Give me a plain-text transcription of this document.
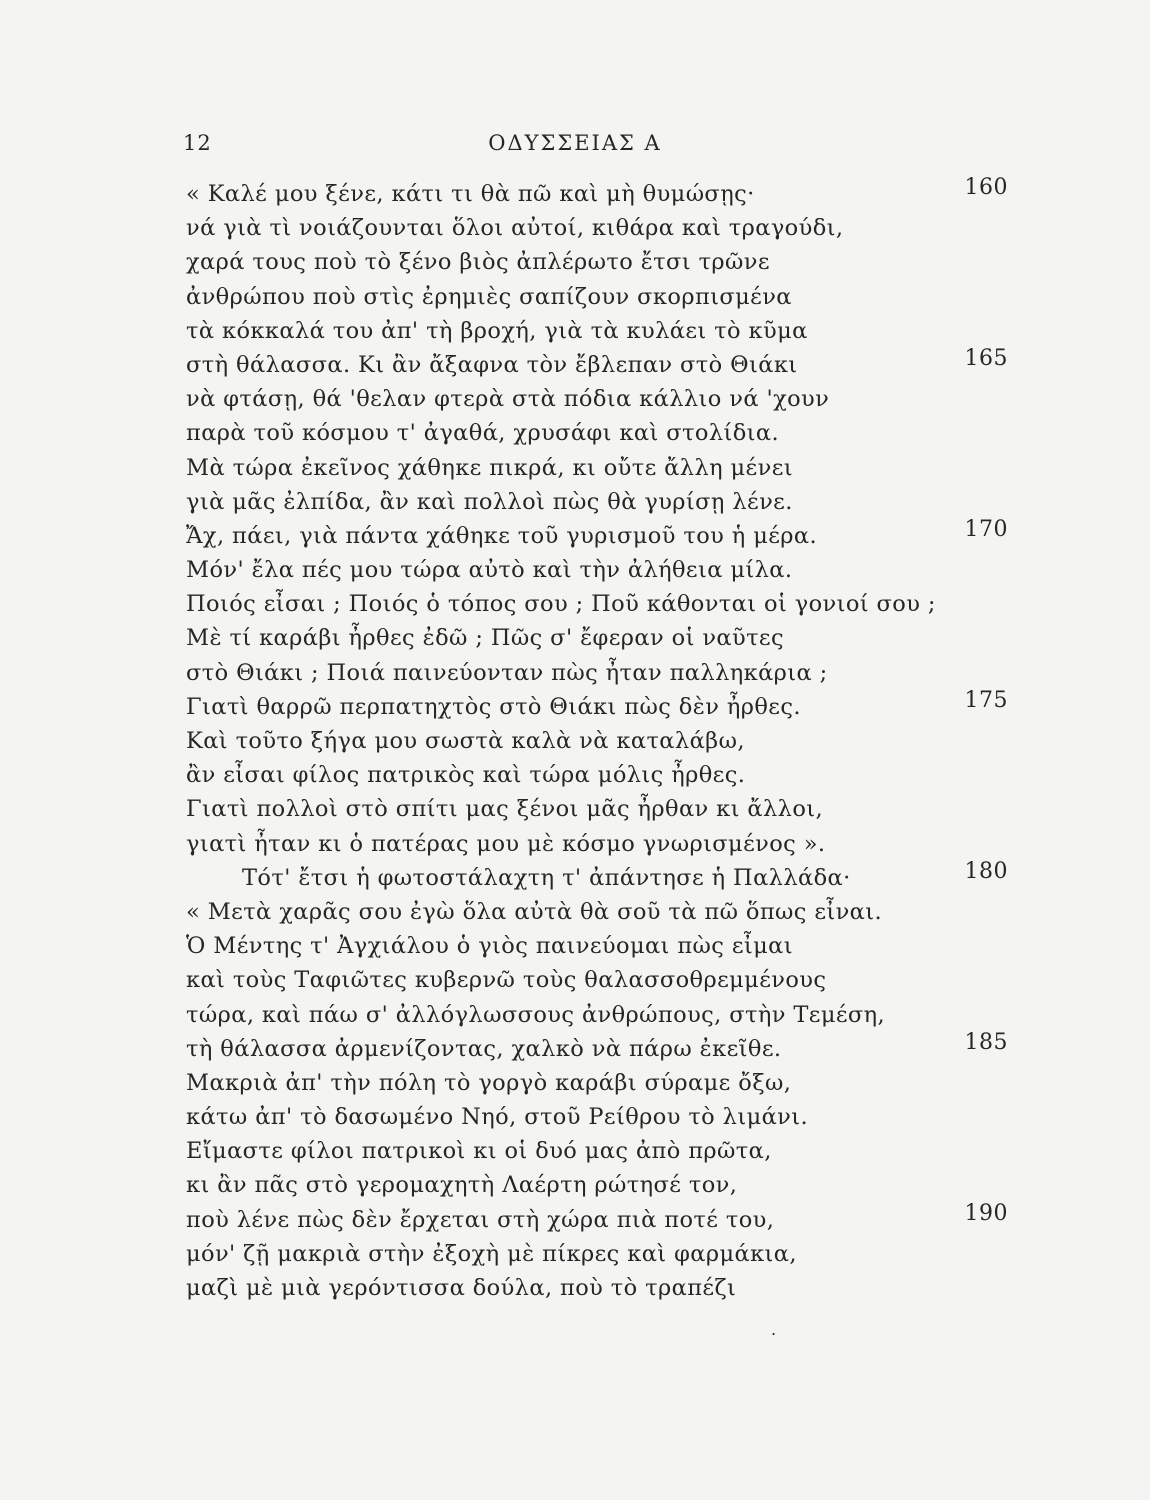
12	ΟΔΥΣΣΕΙΑΣ Α
« Καλέ μου ξένε, κάτι τι θὰ πῶ καὶ μὴ θυμώσῃς·	160
νά γιὰ τὶ νοιάζουνται ὅλοι αὐτοί, κιθάρα καὶ τραγούδι,
χαρά τους ποὺ τὸ ξένο βιὸς ἀπλέρωτο ἔτσι τρῶνε
ἀνθρώπου ποὺ στὶς ἐρημιὲς σαπίζουν σκορπισμένα
τὰ κόκκαλά του ἀπ' τὴ βροχή, γιὰ τὰ κυλάει τὸ κῦμα
στὴ θάλασσα. Κι ἂν ἄξαφνα τὸν ἔβλεπαν στὸ Θιάκι	165
νὰ φτάσῃ, θά 'θελαν φτερὰ στὰ πόδια κάλλιο νά 'χουν
παρὰ τοῦ κόσμου τ' ἀγαθά, χρυσάφι καὶ στολίδια.
Μὰ τώρα ἐκεῖνος χάθηκε πικρά, κι οὔτε ἄλλη μένει
γιὰ μᾶς ἐλπίδα, ἂν καὶ πολλοὶ πὼς θὰ γυρίσῃ λένε.
Ἄχ, πάει, γιὰ πάντα χάθηκε τοῦ γυρισμοῦ του ἡ μέρα.	170
Μόν' ἔλα πές μου τώρα αὐτὸ καὶ τὴν ἀλήθεια μίλα.
Ποιός εἶσαι ; Ποιός ὁ τόπος σου ; Ποῦ κάθονται οἱ γονιοί σου ;
Μὲ τί καράβι ἦρθες ἐδῶ ; Πῶς σ' ἔφεραν οἱ ναῦτες
στὸ Θιάκι ; Ποιά παινεύονταν πὼς ἦταν παλληκάρια ;
Γιατὶ θαρρῶ περπατηχτὸς στὸ Θιάκι πὼς δὲν ἦρθες.	175
Καὶ τοῦτο ξήγα μου σωστὰ καλὰ νὰ καταλάβω,
ἂν εἶσαι φίλος πατρικὸς καὶ τώρα μόλις ἦρθες.
Γιατὶ πολλοὶ στὸ σπίτι μας ξένοι μᾶς ἦρθαν κι ἄλλοι,
γιατὶ ἦταν κι ὁ πατέρας μου μὲ κόσμο γνωρισμένος ».
Τότ' ἔτσι ἡ φωτοστάλαχτη τ' ἀπάντησε ἡ Παλλάδα·	180
« Μετὰ χαρᾶς σου ἐγὼ ὅλα αὐτὰ θὰ σοῦ τὰ πῶ ὅπως εἶναι.
Ὁ Μέντης τ' Ἀγχιάλου ὁ γιὸς παινεύομαι πὼς εἶμαι
καὶ τοὺς Ταφιῶτες κυβερνῶ τοὺς θαλασσοθρεμμένους
τώρα, καὶ πάω σ' ἀλλόγλωσσους ἀνθρώπους, στὴν Τεμέση,
τὴ θάλασσα ἀρμενίζοντας, χαλκὸ νὰ πάρω ἐκεῖθε.	185
Μακριὰ ἀπ' τὴν πόλη τὸ γοργὸ καράβι σύραμε ὄξω,
κάτω ἀπ' τὸ δασωμένο Νηό, στοῦ Ρείθρου τὸ λιμάνι.
Εἴμαστε φίλοι πατρικοὶ κι οἱ δυό μας ἀπὸ πρῶτα,
κι ἂν πᾶς στὸ γερομαχητὴ Λαέρτη ρώτησέ τον,
ποὺ λένε πὼς δὲν ἔρχεται στὴ χώρα πιὰ ποτέ του,	190
μόν' ζῇ μακριὰ στὴν ἐξοχὴ μὲ πίκρες καὶ φαρμάκια,
μαζὶ μὲ μιὰ γερόντισσα δούλα, ποὺ τὸ τραπέζι
.
